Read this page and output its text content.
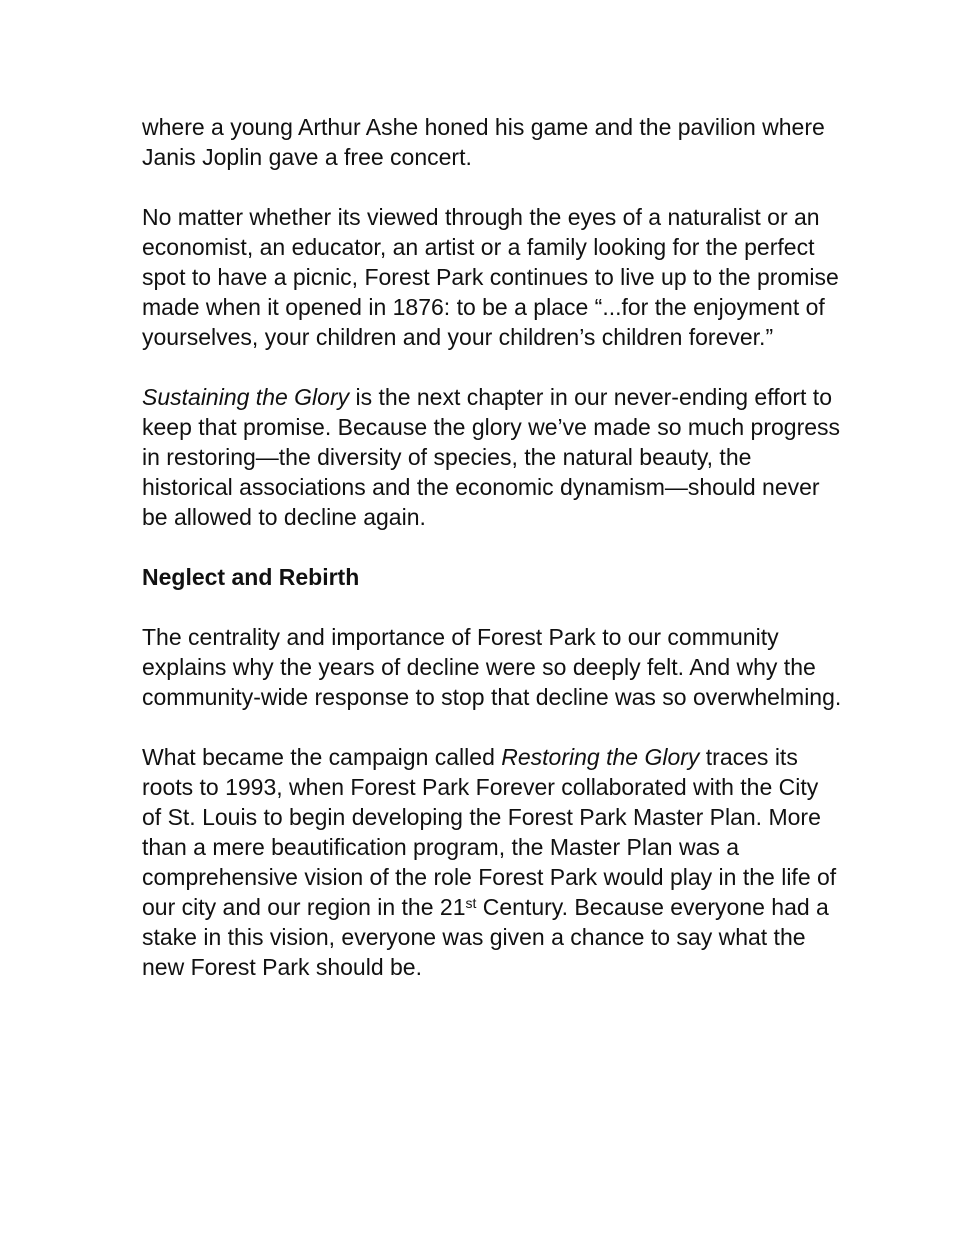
where a young Arthur Ashe honed his game and the pavilion where Janis Joplin gave a free concert.

No matter whether its viewed through the eyes of a naturalist or an economist, an educator, an artist or a family looking for the perfect spot to have a picnic, Forest Park continues to live up to the promise made when it opened in 1876: to be a place “...for the enjoyment of yourselves, your children and your children’s children forever.”

Sustaining the Glory is the next chapter in our never-ending effort to keep that promise. Because the glory we’ve made so much progress in restoring—the diversity of species, the natural beauty, the historical associations and the economic dynamism—should never be allowed to decline again.

Neglect and Rebirth

The centrality and importance of Forest Park to our community explains why the years of decline were so deeply felt. And why the community-wide response to stop that decline was so overwhelming.

What became the campaign called Restoring the Glory traces its roots to 1993, when Forest Park Forever collaborated with the City of St. Louis to begin developing the Forest Park Master Plan. More than a mere beautification program, the Master Plan was a comprehensive vision of the role Forest Park would play in the life of our city and our region in the 21st Century. Because everyone had a stake in this vision, everyone was given a chance to say what the new Forest Park should be.
